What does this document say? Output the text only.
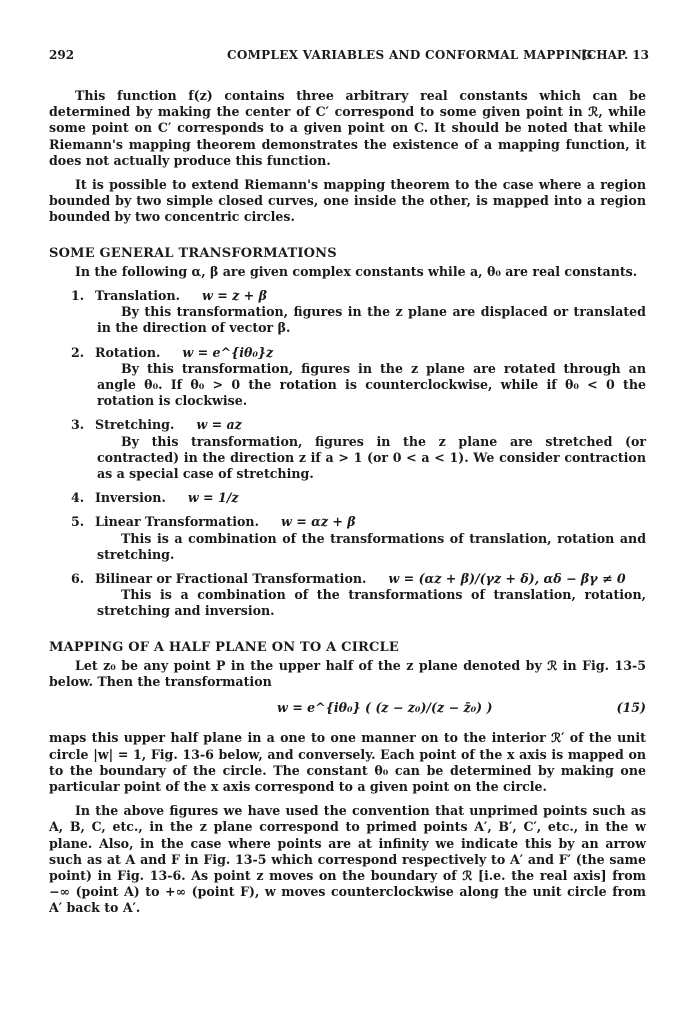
292	COMPLEX VARIABLES AND CONFORMAL MAPPING
[CHAP. 13

This function f(z) contains three arbitrary real constants which can be determined by making the center of C′ correspond to some given point in ℛ, while some point on C′ corresponds to a given point on C. It should be noted that while Riemann's mapping theorem demonstrates the existence of a mapping function, it does not actually produce this function.

It is possible to extend Riemann's mapping theorem to the case where a region bounded by two simple closed curves, one inside the other, is mapped into a region bounded by two concentric circles.

SOME GENERAL TRANSFORMATIONS

In the following α, β are given complex constants while a, θ₀ are real constants.

1. Translation. w = z + β
By this transformation, figures in the z plane are displaced or translated in the direction of vector β.
2. Rotation. w = e^{iθ₀}z
By this transformation, figures in the z plane are rotated through an angle θ₀. If θ₀ > 0 the rotation is counterclockwise, while if θ₀ < 0 the rotation is clockwise.
3. Stretching. w = az
By this transformation, figures in the z plane are stretched (or contracted) in the direction z if a > 1 (or 0 < a < 1). We consider contraction as a special case of stretching.
4. Inversion. w = 1/z
5. Linear Transformation. w = αz + β
This is a combination of the transformations of translation, rotation and stretching.
6. Bilinear or Fractional Transformation. w = (αz + β)/(γz + δ), αδ − βγ ≠ 0
This is a combination of the transformations of translation, rotation, stretching and inversion.
MAPPING OF A HALF PLANE ON TO A CIRCLE

Let z₀ be any point P in the upper half of the z plane denoted by ℛ in Fig. 13-5 below. Then the transformation

w = e^{iθ₀} ( (z − z₀)/(z − z̄₀) )	(15)

maps this upper half plane in a one to one manner on to the interior ℛ′ of the unit circle |w| = 1, Fig. 13-6 below, and conversely. Each point of the x axis is mapped on to the boundary of the circle. The constant θ₀ can be determined by making one particular point of the x axis correspond to a given point on the circle.

In the above figures we have used the convention that unprimed points such as A, B, C, etc., in the z plane correspond to primed points A′, B′, C′, etc., in the w plane. Also, in the case where points are at infinity we indicate this by an arrow such as at A and F in Fig. 13-5 which correspond respectively to A′ and F′ (the same point) in Fig. 13-6. As point z moves on the boundary of ℛ [i.e. the real axis] from −∞ (point A) to +∞ (point F), w moves counterclockwise along the unit circle from A′ back to A′.
